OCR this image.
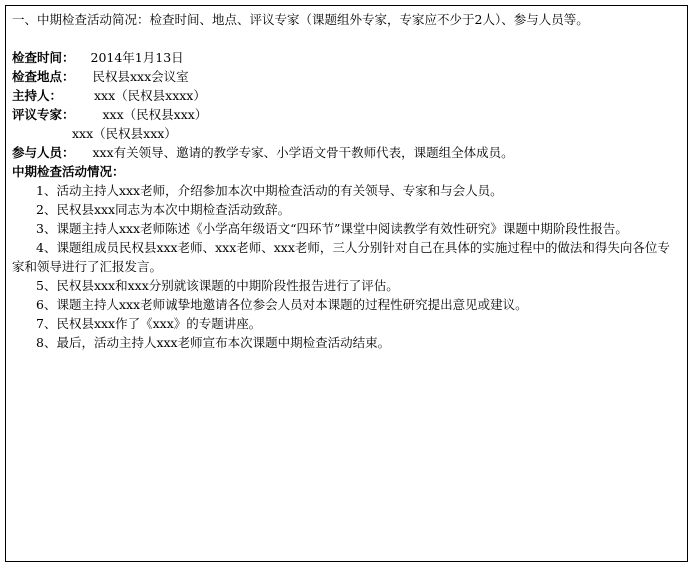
一、中期检查活动简况：检查时间、地点、评议专家（课题组外专家，专家应不少于2人）、参与人员等。
检查时间： 2014年1月13日
检查地点： 民权县xxx会议室
主持人：	xxx（民权县xxxx）
评议专家： xxx（民权县xxx）
xxx（民权县xxx）
参与人员： xxx有关领导、邀请的教学专家、小学语文骨干教师代表，课题组全体成员。
中期检查活动情况：
1、活动主持人xxx老师，介绍参加本次中期检查活动的有关领导、专家和与会人员。
2、民权县xxx同志为本次中期检查活动致辞。
3、课题主持人xxx老师陈述《小学高年级语文“四环节”课堂中阅读教学有效性研究》课题中期阶段性报告。
4、课题组成员民权县xxx老师、xxx老师、xxx老师，三人分别针对自己在具体的实施过程中的做法和得失向各位专家和领导进行了汇报发言。
5、民权县xxx和xxx分别就该课题的中期阶段性报告进行了评估。
6、课题主持人xxx老师诚挚地邀请各位参会人员对本课题的过程性研究提出意见或建议。
7、民权县xxx作了《xxx》的专题讲座。
8、最后，活动主持人xxx老师宣布本次课题中期检查活动结束。
